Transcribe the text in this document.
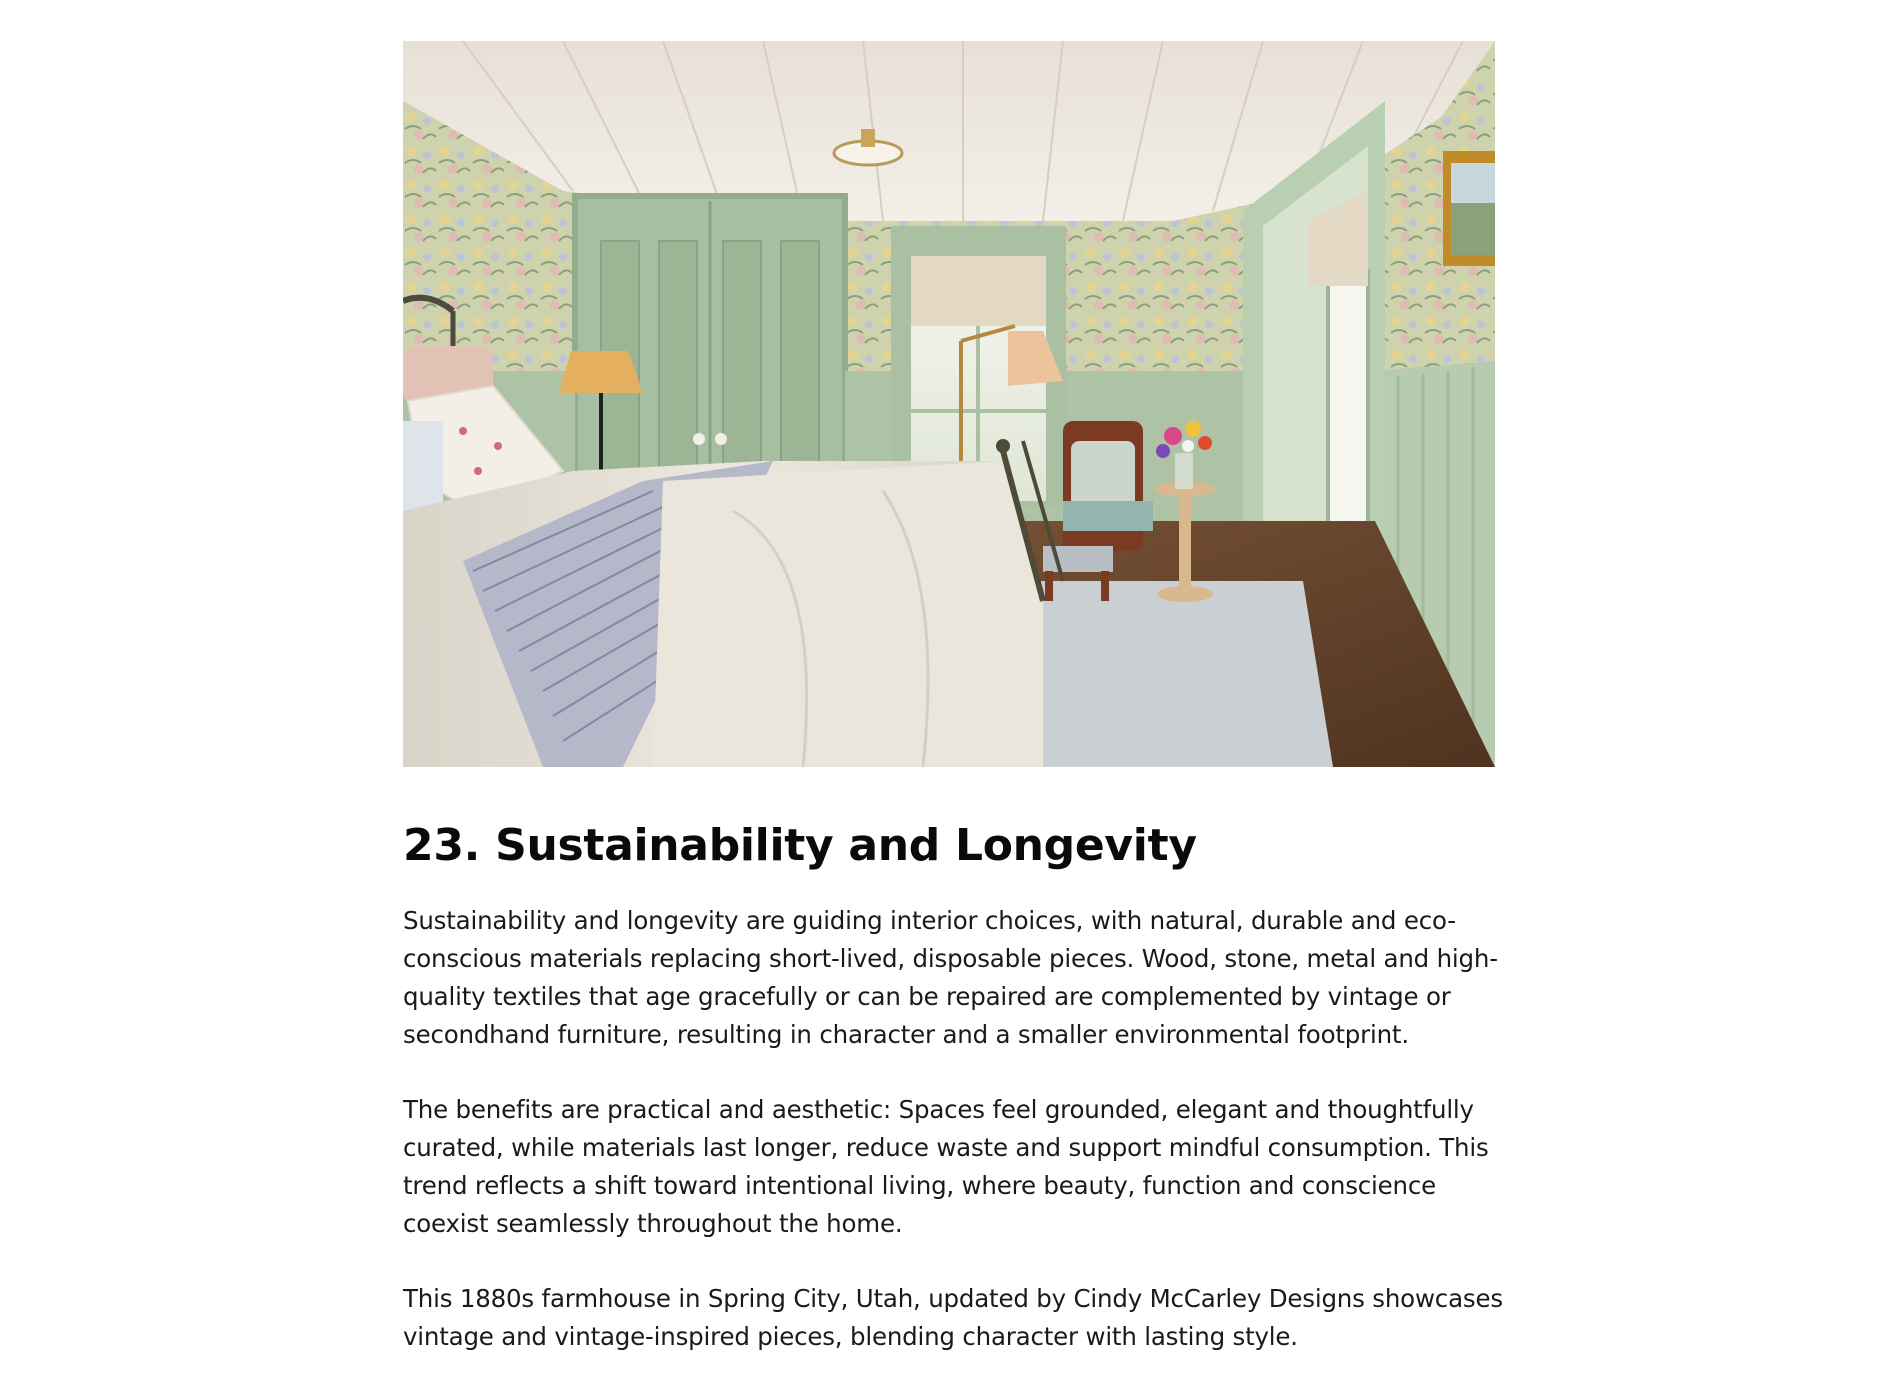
23. Sustainability and Longevity

Sustainability and longevity are guiding interior choices, with natural, durable and eco-conscious materials replacing short-lived, disposable pieces. Wood, stone, metal and high-quality textiles that age gracefully or can be repaired are complemented by vintage or secondhand furniture, resulting in character and a smaller environmental footprint.

The benefits are practical and aesthetic: Spaces feel grounded, elegant and thoughtfully curated, while materials last longer, reduce waste and support mindful consumption. This trend reflects a shift toward intentional living, where beauty, function and conscience coexist seamlessly throughout the home.

This 1880s farmhouse in Spring City, Utah, updated by Cindy McCarley Designs showcases vintage and vintage-inspired pieces, blending character with lasting style.
